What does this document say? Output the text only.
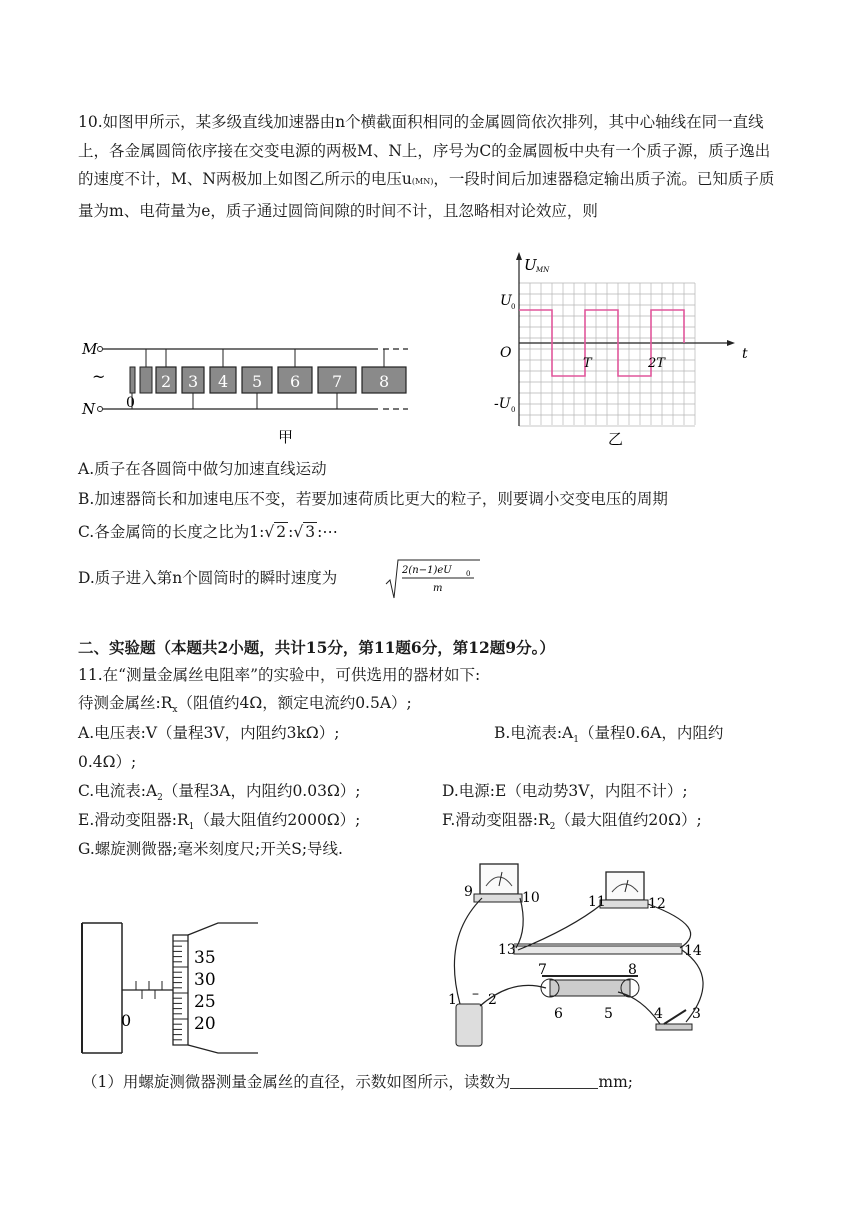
10.如图甲所示，某多级直线加速器由n个横截面积相同的金属圆筒依次排列，其中心轴线在同一直线上，各金属圆筒依序接在交变电源的两极M、N上，序号为C的金属圆板中央有一个质子源，质子逸出的速度不计，M、N两极加上如图乙所示的电压u(MN)，一段时间后加速器稳定输出质子流。已知质子质量为m、电荷量为e，质子通过圆筒间隙的时间不计，且忽略相对论效应，则
M
N
~
0
2 3 4 5 6 7 8
甲
U MN
t
U 0
O
-U 0
T	2T
乙
A.质子在各圆筒中做匀加速直线运动
B.加速器筒长和加速电压不变，若要加速荷质比更大的粒子，则要调小交变电压的周期
C.各金属筒的长度之比为1:√ 2 :√ 3 :⋯
D.质子进入第n个圆筒时的瞬时速度为	2(n−1)eU 0
m
二、实验题（本题共2小题，共计15分，第11题6分，第12题9分。）
11.在“测量金属丝电阻率”的实验中，可供选用的器材如下:
待测金属丝$:R_x$（阻值约4Ω，额定电流约0.5A）;
A.电压表:V（量程3V，内阻约3kΩ）;	B.电流表$:A_1$（量程0.6A，内阻约
0.4Ω）;
C.电流表$:A_2$（量程3A，内阻约0.03Ω）;	D.电源:E（电动势3V，内阻不计）;
E.滑动变阻器$:R_1$（最大阻值约2000Ω）;	F.滑动变阻器$:R_2$（最大阻值约20Ω）;
G.螺旋测微器;毫米刻度尺;开关S;导线.
0
35
30
25
20
9	10	11	12
13	14
7	8
6	5
1 – 2
4 3
（1）用螺旋测微器测量金属丝的直径，示数如图所示，读数为	mm;
